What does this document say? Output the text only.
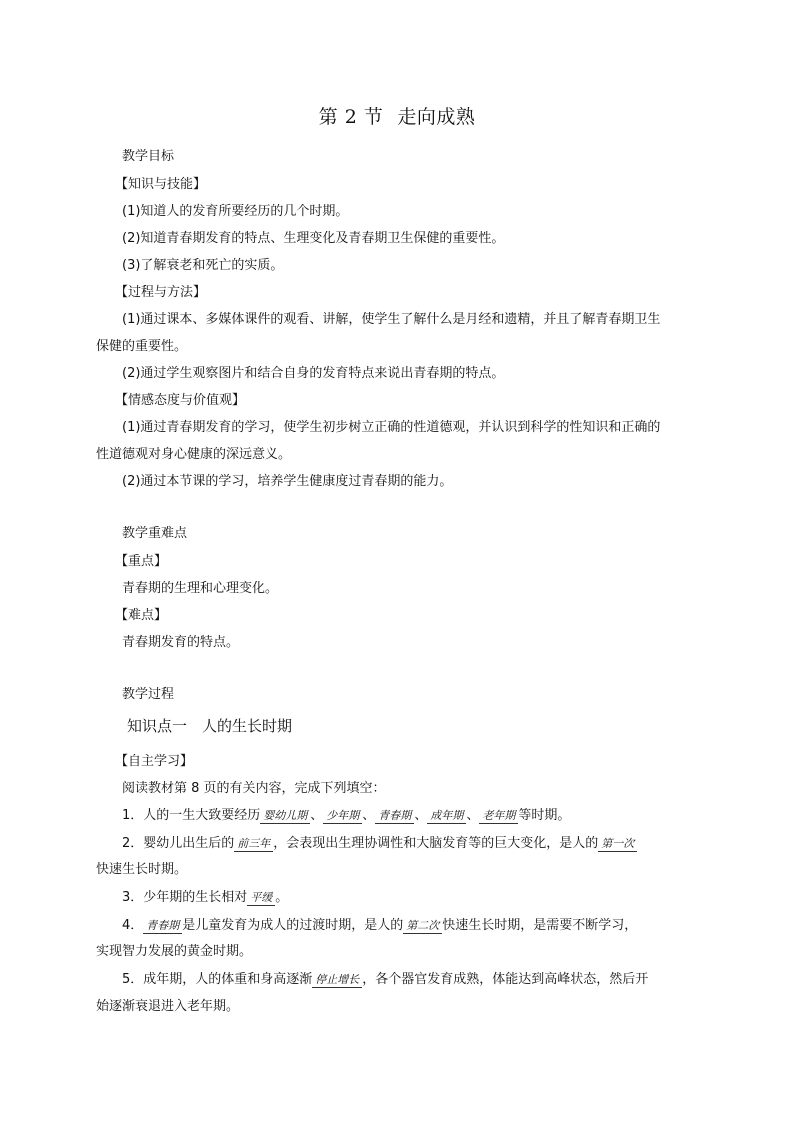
第 2 节 走向成熟
教学目标
【知识与技能】
(1)知道人的发育所要经历的几个时期。
(2)知道青春期发育的特点、生理变化及青春期卫生保健的重要性。
(3)了解衰老和死亡的实质。
【过程与方法】
(1)通过课本、多媒体课件的观看、讲解，使学生了解什么是月经和遗精，并且了解青春期卫生
保健的重要性。
(2)通过学生观察图片和结合自身的发育特点来说出青春期的特点。
【情感态度与价值观】
(1)通过青春期发育的学习，使学生初步树立正确的性道德观，并认识到科学的性知识和正确的
性道德观对身心健康的深远意义。
(2)通过本节课的学习，培养学生健康度过青春期的能力。
教学重难点
【重点】
青春期的生理和心理变化。
【难点】
青春期发育的特点。
教学过程
知识点一　人的生长时期
【自主学习】
阅读教材第 8 页的有关内容，完成下列填空：
1．人的一生大致要经历 婴幼儿期 、 少年期 、 青春期 、 成年期 、 老年期 等时期。
2．婴幼儿出生后的 前三年 ，会表现出生理协调性和大脑发育等的巨大变化，是人的 第一次
快速生长时期。
3．少年期的生长相对 平缓 。
4． 青春期 是儿童发育为成人的过渡时期，是人的 第二次 快速生长时期，是需要不断学习，
实现智力发展的黄金时期。
5．成年期，人的体重和身高逐渐 停止增长 ，各个器官发育成熟，体能达到高峰状态，然后开
始逐渐衰退进入老年期。
